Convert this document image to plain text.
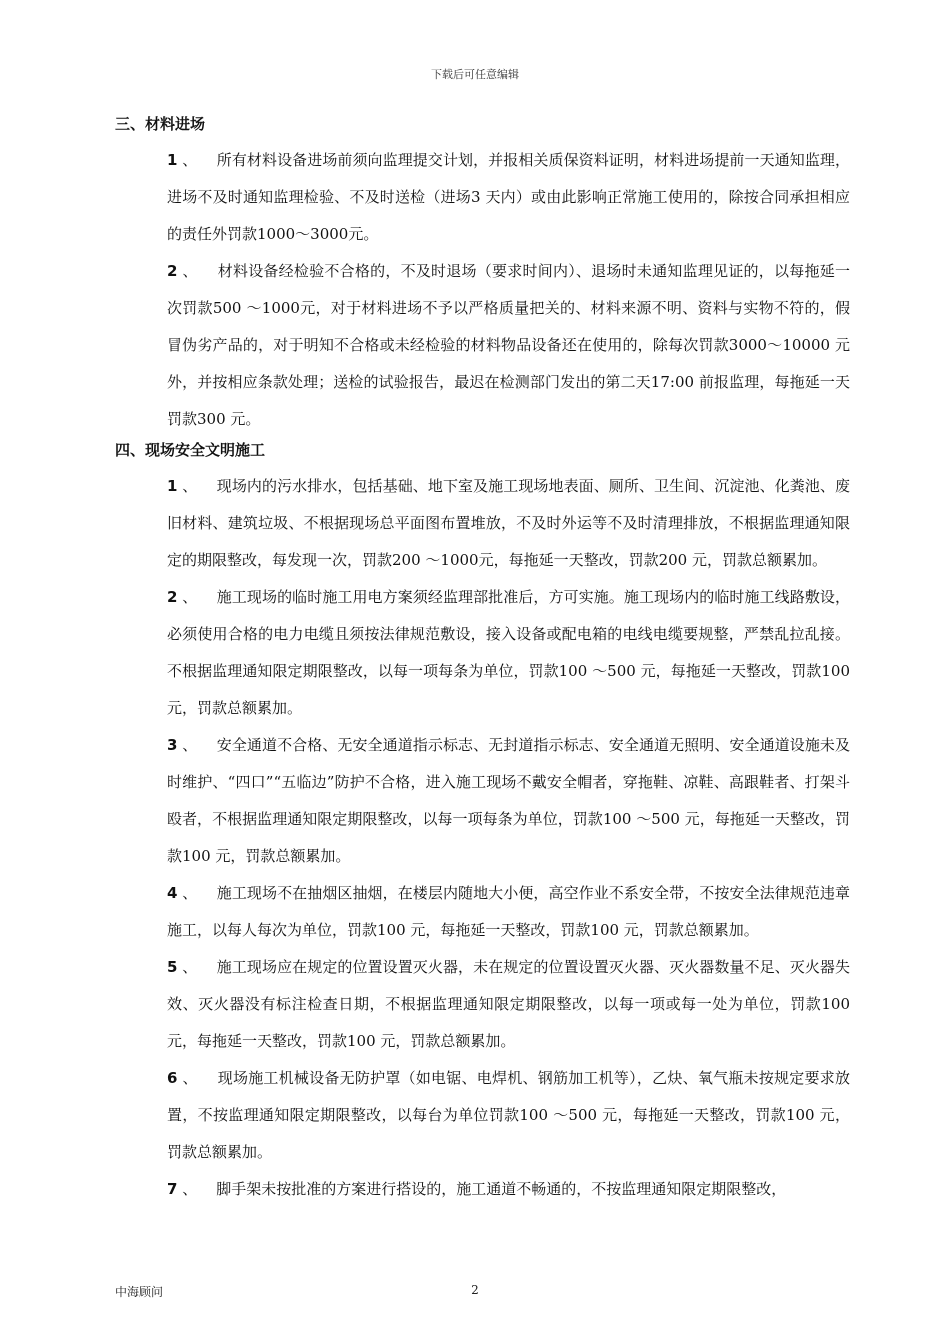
下载后可任意编辑
三、材料进场

1 、 所有材料设备进场前须向监理提交计划，并报相关质保资料证明，材料进场提前一天通知监理，进场不及时通知监理检验、不及时送检（进场3 天内）或由此影响正常施工使用的，除按合同承担相应的责任外罚款1000～3000元。

2 、 材料设备经检验不合格的，不及时退场（要求时间内）、退场时未通知监理见证的，以每拖延一次罚款500 ～1000元，对于材料进场不予以严格质量把关的、材料来源不明、资料与实物不符的，假冒伪劣产品的，对于明知不合格或未经检验的材料物品设备还在使用的，除每次罚款3000～10000 元外，并按相应条款处理；送检的试验报告，最迟在检测部门发出的第二天17:00 前报监理，每拖延一天罚款300 元。

四、现场安全文明施工

1 、 现场内的污水排水，包括基础、地下室及施工现场地表面、厕所、卫生间、沉淀池、化粪池、废旧材料、建筑垃圾、不根据现场总平面图布置堆放，不及时外运等不及时清理排放，不根据监理通知限定的期限整改，每发现一次，罚款200 ～1000元，每拖延一天整改，罚款200 元，罚款总额累加。

2 、 施工现场的临时施工用电方案须经监理部批准后，方可实施。施工现场内的临时施工线路敷设，必须使用合格的电力电缆且须按法律规范敷设，接入设备或配电箱的电线电缆要规整，严禁乱拉乱接。不根据监理通知限定期限整改，以每一项每条为单位，罚款100 ～500 元，每拖延一天整改，罚款100 元，罚款总额累加。

3 、 安全通道不合格、无安全通道指示标志、无封道指示标志、安全通道无照明、安全通道设施未及时维护、“四口”“五临边”防护不合格，进入施工现场不戴安全帽者，穿拖鞋、凉鞋、高跟鞋者、打架斗殴者，不根据监理通知限定期限整改，以每一项每条为单位，罚款100 ～500 元，每拖延一天整改，罚款100 元，罚款总额累加。

4 、 施工现场不在抽烟区抽烟，在楼层内随地大小便，高空作业不系安全带，不按安全法律规范违章施工，以每人每次为单位，罚款100 元，每拖延一天整改，罚款100 元，罚款总额累加。

5 、 施工现场应在规定的位置设置灭火器，未在规定的位置设置灭火器、灭火器数量不足、灭火器失效、灭火器没有标注检查日期，不根据监理通知限定期限整改，以每一项或每一处为单位，罚款100 元，每拖延一天整改，罚款100 元，罚款总额累加。

6 、 现场施工机械设备无防护罩（如电锯、电焊机、钢筋加工机等），乙炔、氧气瓶未按规定要求放置，不按监理通知限定期限整改，以每台为单位罚款100 ～500 元，每拖延一天整改，罚款100 元，罚款总额累加。

7 、 脚手架未按批准的方案进行搭设的，施工通道不畅通的，不按监理通知限定期限整改，

中海顾问	2
